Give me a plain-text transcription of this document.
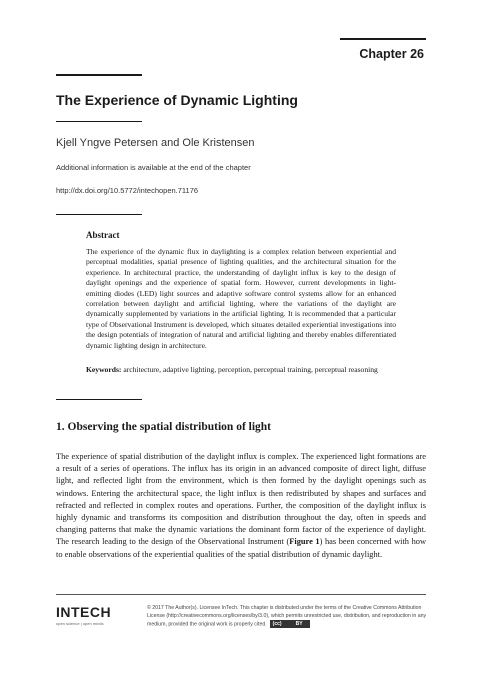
Chapter 26
The Experience of Dynamic Lighting
Kjell Yngve Petersen and Ole Kristensen
Additional information is available at the end of the chapter
http://dx.doi.org/10.5772/intechopen.71176
Abstract
The experience of the dynamic flux in daylighting is a complex relation between experiential and perceptual modalities, spatial presence of lighting qualities, and the architectural situation for the experience. In architectural practice, the understanding of daylight influx is key to the design of daylight openings and the experience of spatial form. However, current developments in light-emitting diodes (LED) light sources and adaptive software control systems allow for an enhanced correlation between daylight and artificial lighting, where the variations of the daylight are dynamically supplemented by variations in the artificial lighting. It is recommended that a particular type of Observational Instrument is developed, which situates detailed experiential investigations into the design potentials of integration of natural and artificial lighting and thereby enables differentiated dynamic lighting design in architecture.
Keywords: architecture, adaptive lighting, perception, perceptual training, perceptual reasoning
1. Observing the spatial distribution of light
The experience of spatial distribution of the daylight influx is complex. The experienced light formations are a result of a series of operations. The influx has its origin in an advanced composite of direct light, diffuse light, and reflected light from the environment, which is then formed by the daylight openings such as windows. Entering the architectural space, the light influx is then redistributed by shapes and surfaces and refracted and reflected in complex routes and operations. Further, the composition of the daylight influx is highly dynamic and transforms its composition and distribution throughout the day, often in speeds and changing patterns that make the dynamic variations the dominant form factor of the experience of daylight. The research leading to the design of the Observational Instrument (Figure 1) has been concerned with how to enable observations of the experiential qualities of the spatial distribution of dynamic daylight.
INTECH
open science | open minds
© 2017 The Author(s). Licensee InTech. This chapter is distributed under the terms of the Creative Commons Attribution License (http://creativecommons.org/licenses/by/3.0), which permits unrestricted use, distribution, and reproduction in any medium, provided the original work is properly cited. (cc)	BY
